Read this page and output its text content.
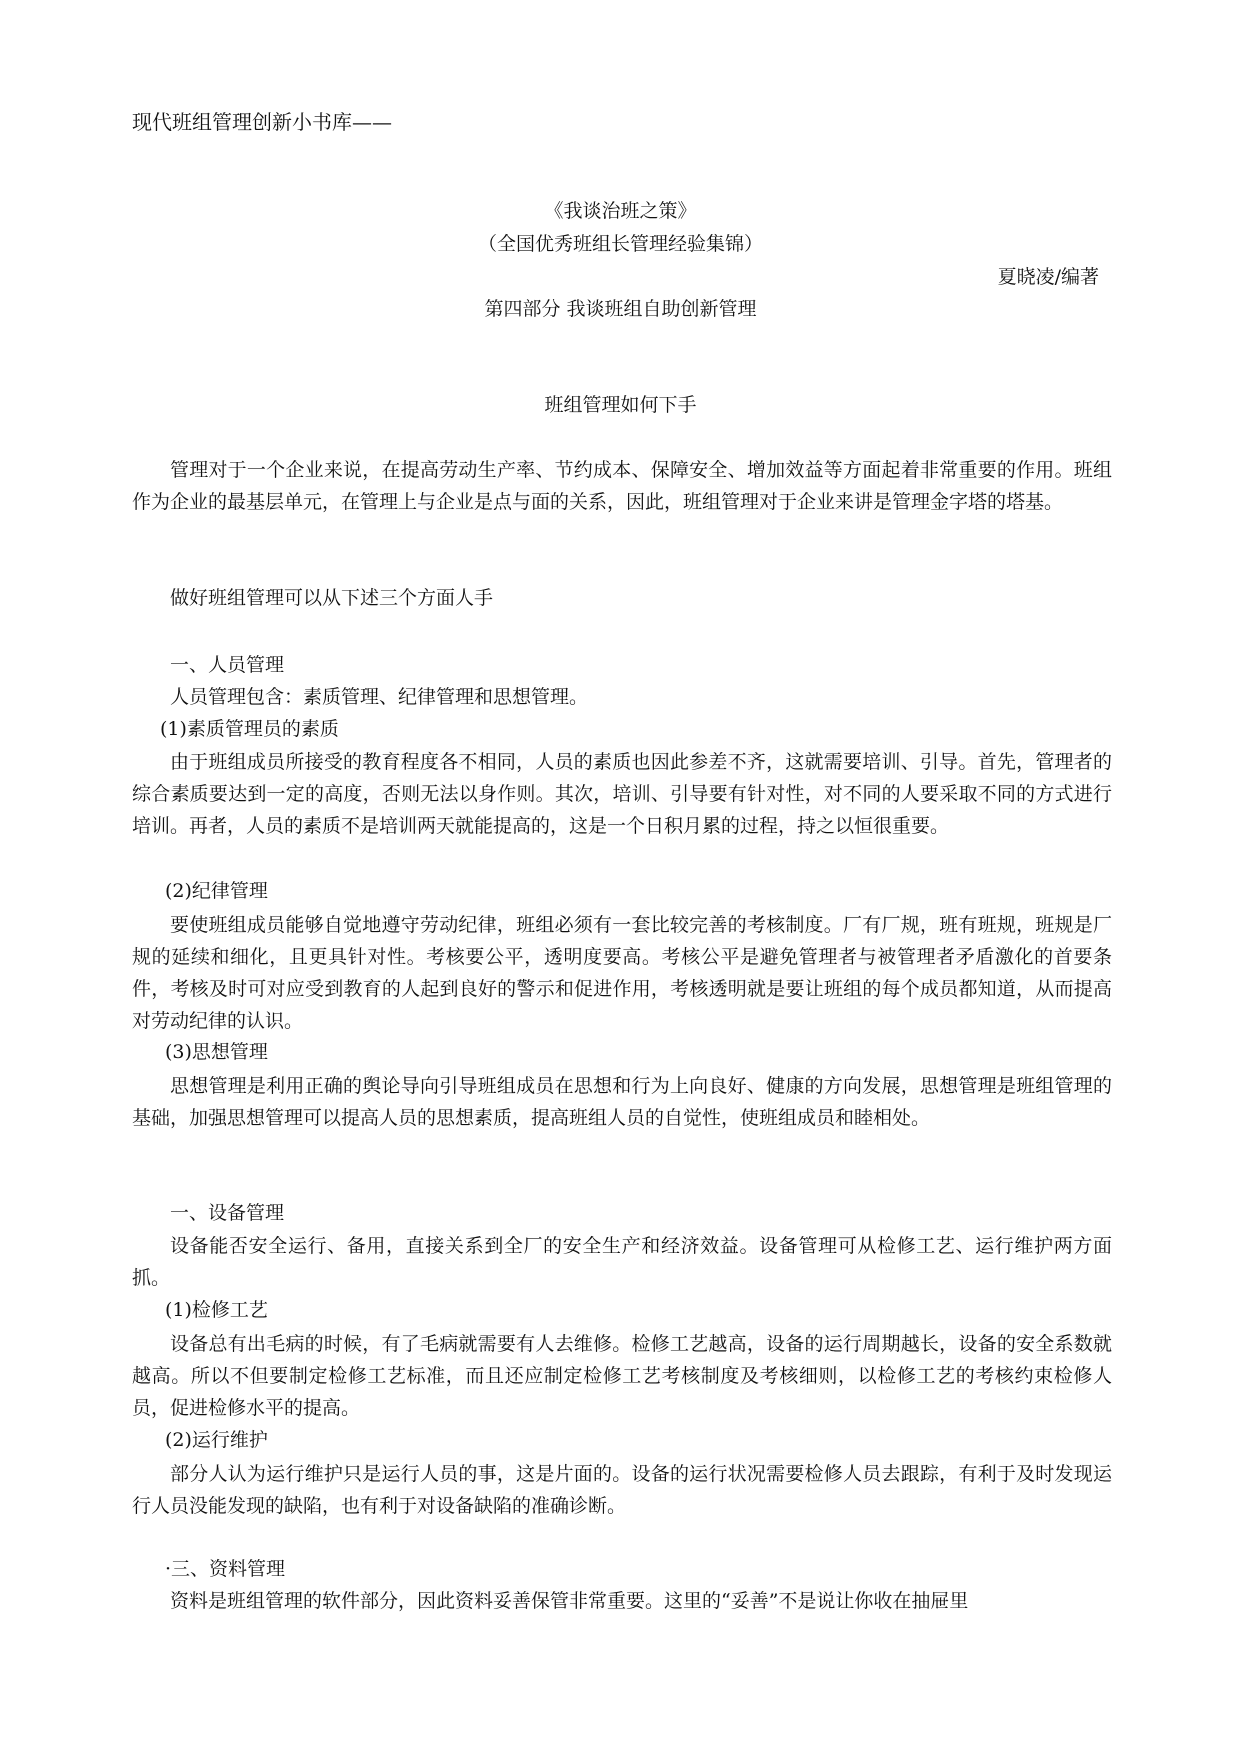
现代班组管理创新小书库——
《我谈治班之策》
（全国优秀班组长管理经验集锦）
夏晓凌/编著
第四部分 我谈班组自助创新管理
班组管理如何下手
管理对于一个企业来说，在提高劳动生产率、节约成本、保障安全、增加效益等方面起着非常重要的作用。班组作为企业的最基层单元，在管理上与企业是点与面的关系，因此，班组管理对于企业来讲是管理金字塔的塔基。
做好班组管理可以从下述三个方面人手
一、人员管理
人员管理包含：素质管理、纪律管理和思想管理。
(1)素质管理员的素质
由于班组成员所接受的教育程度各不相同，人员的素质也因此参差不齐，这就需要培训、引导。首先，管理者的综合素质要达到一定的高度，否则无法以身作则。其次，培训、引导要有针对性，对不同的人要采取不同的方式进行培训。再者，人员的素质不是培训两天就能提高的，这是一个日积月累的过程，持之以恒很重要。
(2)纪律管理
要使班组成员能够自觉地遵守劳动纪律，班组必须有一套比较完善的考核制度。厂有厂规，班有班规，班规是厂规的延续和细化，且更具针对性。考核要公平，透明度要高。考核公平是避免管理者与被管理者矛盾激化的首要条件，考核及时可对应受到教育的人起到良好的警示和促进作用，考核透明就是要让班组的每个成员都知道，从而提高对劳动纪律的认识。
(3)思想管理
思想管理是利用正确的舆论导向引导班组成员在思想和行为上向良好、健康的方向发展，思想管理是班组管理的基础，加强思想管理可以提高人员的思想素质，提高班组人员的自觉性，使班组成员和睦相处。
一、设备管理
设备能否安全运行、备用，直接关系到全厂的安全生产和经济效益。设备管理可从检修工艺、运行维护两方面抓。
(1)检修工艺
设备总有出毛病的时候，有了毛病就需要有人去维修。检修工艺越高，设备的运行周期越长，设备的安全系数就越高。所以不但要制定检修工艺标准，而且还应制定检修工艺考核制度及考核细则，以检修工艺的考核约束检修人员，促进检修水平的提高。
(2)运行维护
部分人认为运行维护只是运行人员的事，这是片面的。设备的运行状况需要检修人员去跟踪，有利于及时发现运行人员没能发现的缺陷，也有利于对设备缺陷的准确诊断。
·三、资料管理
资料是班组管理的软件部分，因此资料妥善保管非常重要。这里的“妥善”不是说让你收在抽屉里
